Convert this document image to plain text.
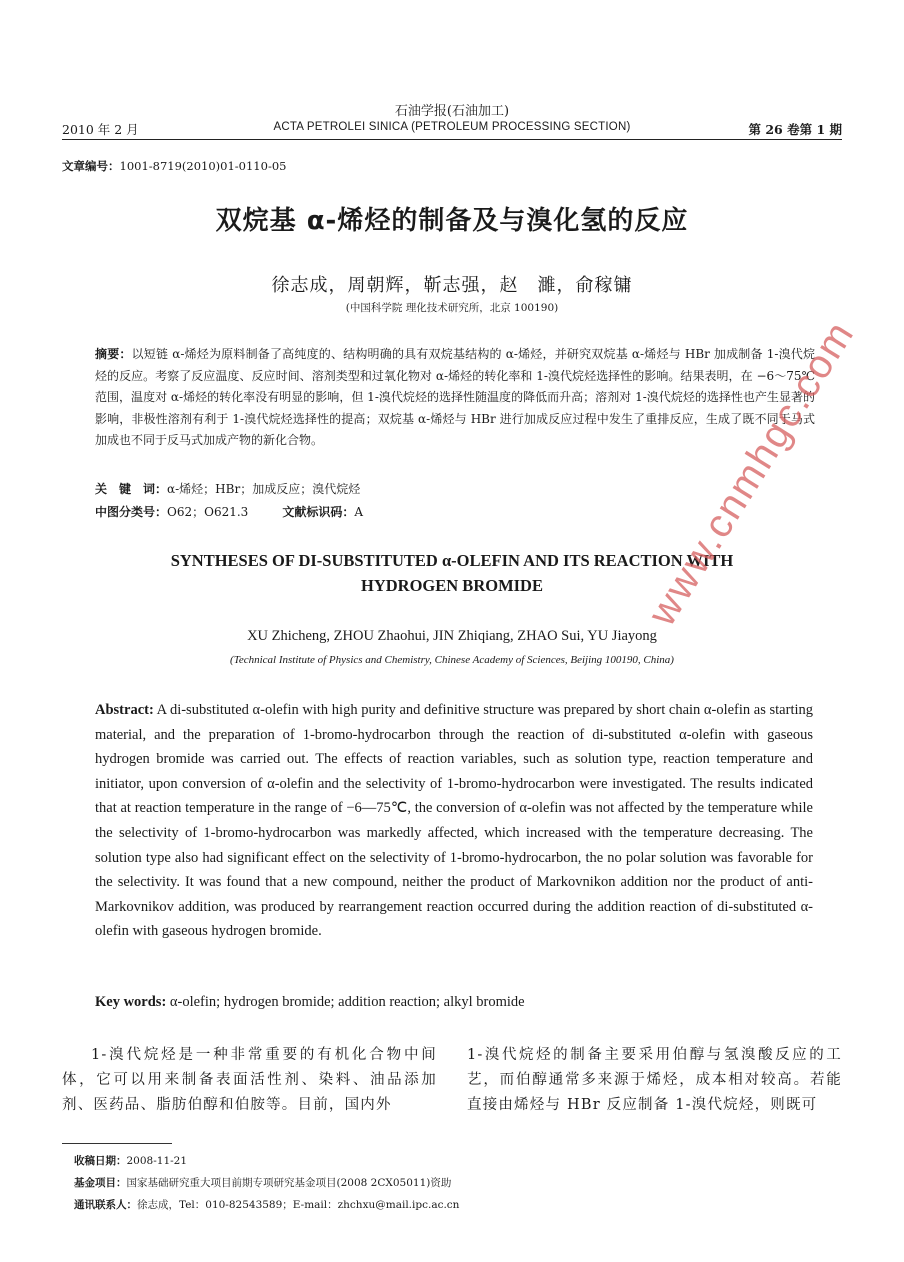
石油学报(石油加工)
2010 年 2 月	ACTA PETROLEI SINICA (PETROLEUM PROCESSING SECTION)	第 26 卷第 1 期
文章编号：1001-8719(2010)01-0110-05
双烷基 α-烯烃的制备及与溴化氢的反应
徐志成，周朝辉，靳志强，赵　濉，俞稼镛
(中国科学院 理化技术研究所，北京 100190)
摘要：以短链 α-烯烃为原料制备了高纯度的、结构明确的具有双烷基结构的 α-烯烃，并研究双烷基 α-烯烃与 HBr 加成制备 1-溴代烷烃的反应。考察了反应温度、反应时间、溶剂类型和过氧化物对 α-烯烃的转化率和 1-溴代烷烃选择性的影响。结果表明，在 −6～75℃范围，温度对 α-烯烃的转化率没有明显的影响，但 1-溴代烷烃的选择性随温度的降低而升高；溶剂对 1-溴代烷烃的选择性也产生显著的影响，非极性溶剂有利于 1-溴代烷烃选择性的提高；双烷基 α-烯烃与 HBr 进行加成反应过程中发生了重排反应，生成了既不同于马式加成也不同于反马式加成产物的新化合物。
关　键　词：α-烯烃；HBr；加成反应；溴代烷烃
中图分类号：O62；O621.3	文献标识码：A
SYNTHESES OF DI-SUBSTITUTED α-OLEFIN AND ITS REACTION WITH
HYDROGEN BROMIDE
XU Zhicheng, ZHOU Zhaohui, JIN Zhiqiang, ZHAO Sui, YU Jiayong
(Technical Institute of Physics and Chemistry, Chinese Academy of Sciences, Beijing 100190, China)
Abstract: A di-substituted α-olefin with high purity and definitive structure was prepared by short chain α-olefin as starting material, and the preparation of 1-bromo-hydrocarbon through the reaction of di-substituted α-olefin with gaseous hydrogen bromide was carried out. The effects of reaction variables, such as solution type, reaction temperature and initiator, upon conversion of α-olefin and the selectivity of 1-bromo-hydrocarbon were investigated. The results indicated that at reaction temperature in the range of −6—75℃, the conversion of α-olefin was not affected by the temperature while the selectivity of 1-bromo-hydrocarbon was markedly affected, which increased with the temperature decreasing. The solution type also had significant effect on the selectivity of 1-bromo-hydrocarbon, the no polar solution was favorable for the selectivity. It was found that a new compound, neither the product of Markovnikon addition nor the product of anti-Markovnikov addition, was produced by rearrangement reaction occurred during the addition reaction of di-substituted α-olefin with gaseous hydrogen bromide.
Key words: α-olefin; hydrogen bromide; addition reaction; alkyl bromide
1-溴代烷烃是一种非常重要的有机化合物中间体，它可以用来制备表面活性剂、染料、油品添加剂、医药品、脂肪伯醇和伯胺等。目前，国内外
1-溴代烷烃的制备主要采用伯醇与氢溴酸反应的工艺，而伯醇通常多来源于烯烃，成本相对较高。若能直接由烯烃与 HBr 反应制备 1-溴代烷烃，则既可
收稿日期：2008-11-21
基金项目：国家基础研究重大项目前期专项研究基金项目(2008 2CX05011)资助
通讯联系人：徐志成，Tel：010-82543589；E-mail：zhchxu@mail.ipc.ac.cn
www.cnmhgc.com
